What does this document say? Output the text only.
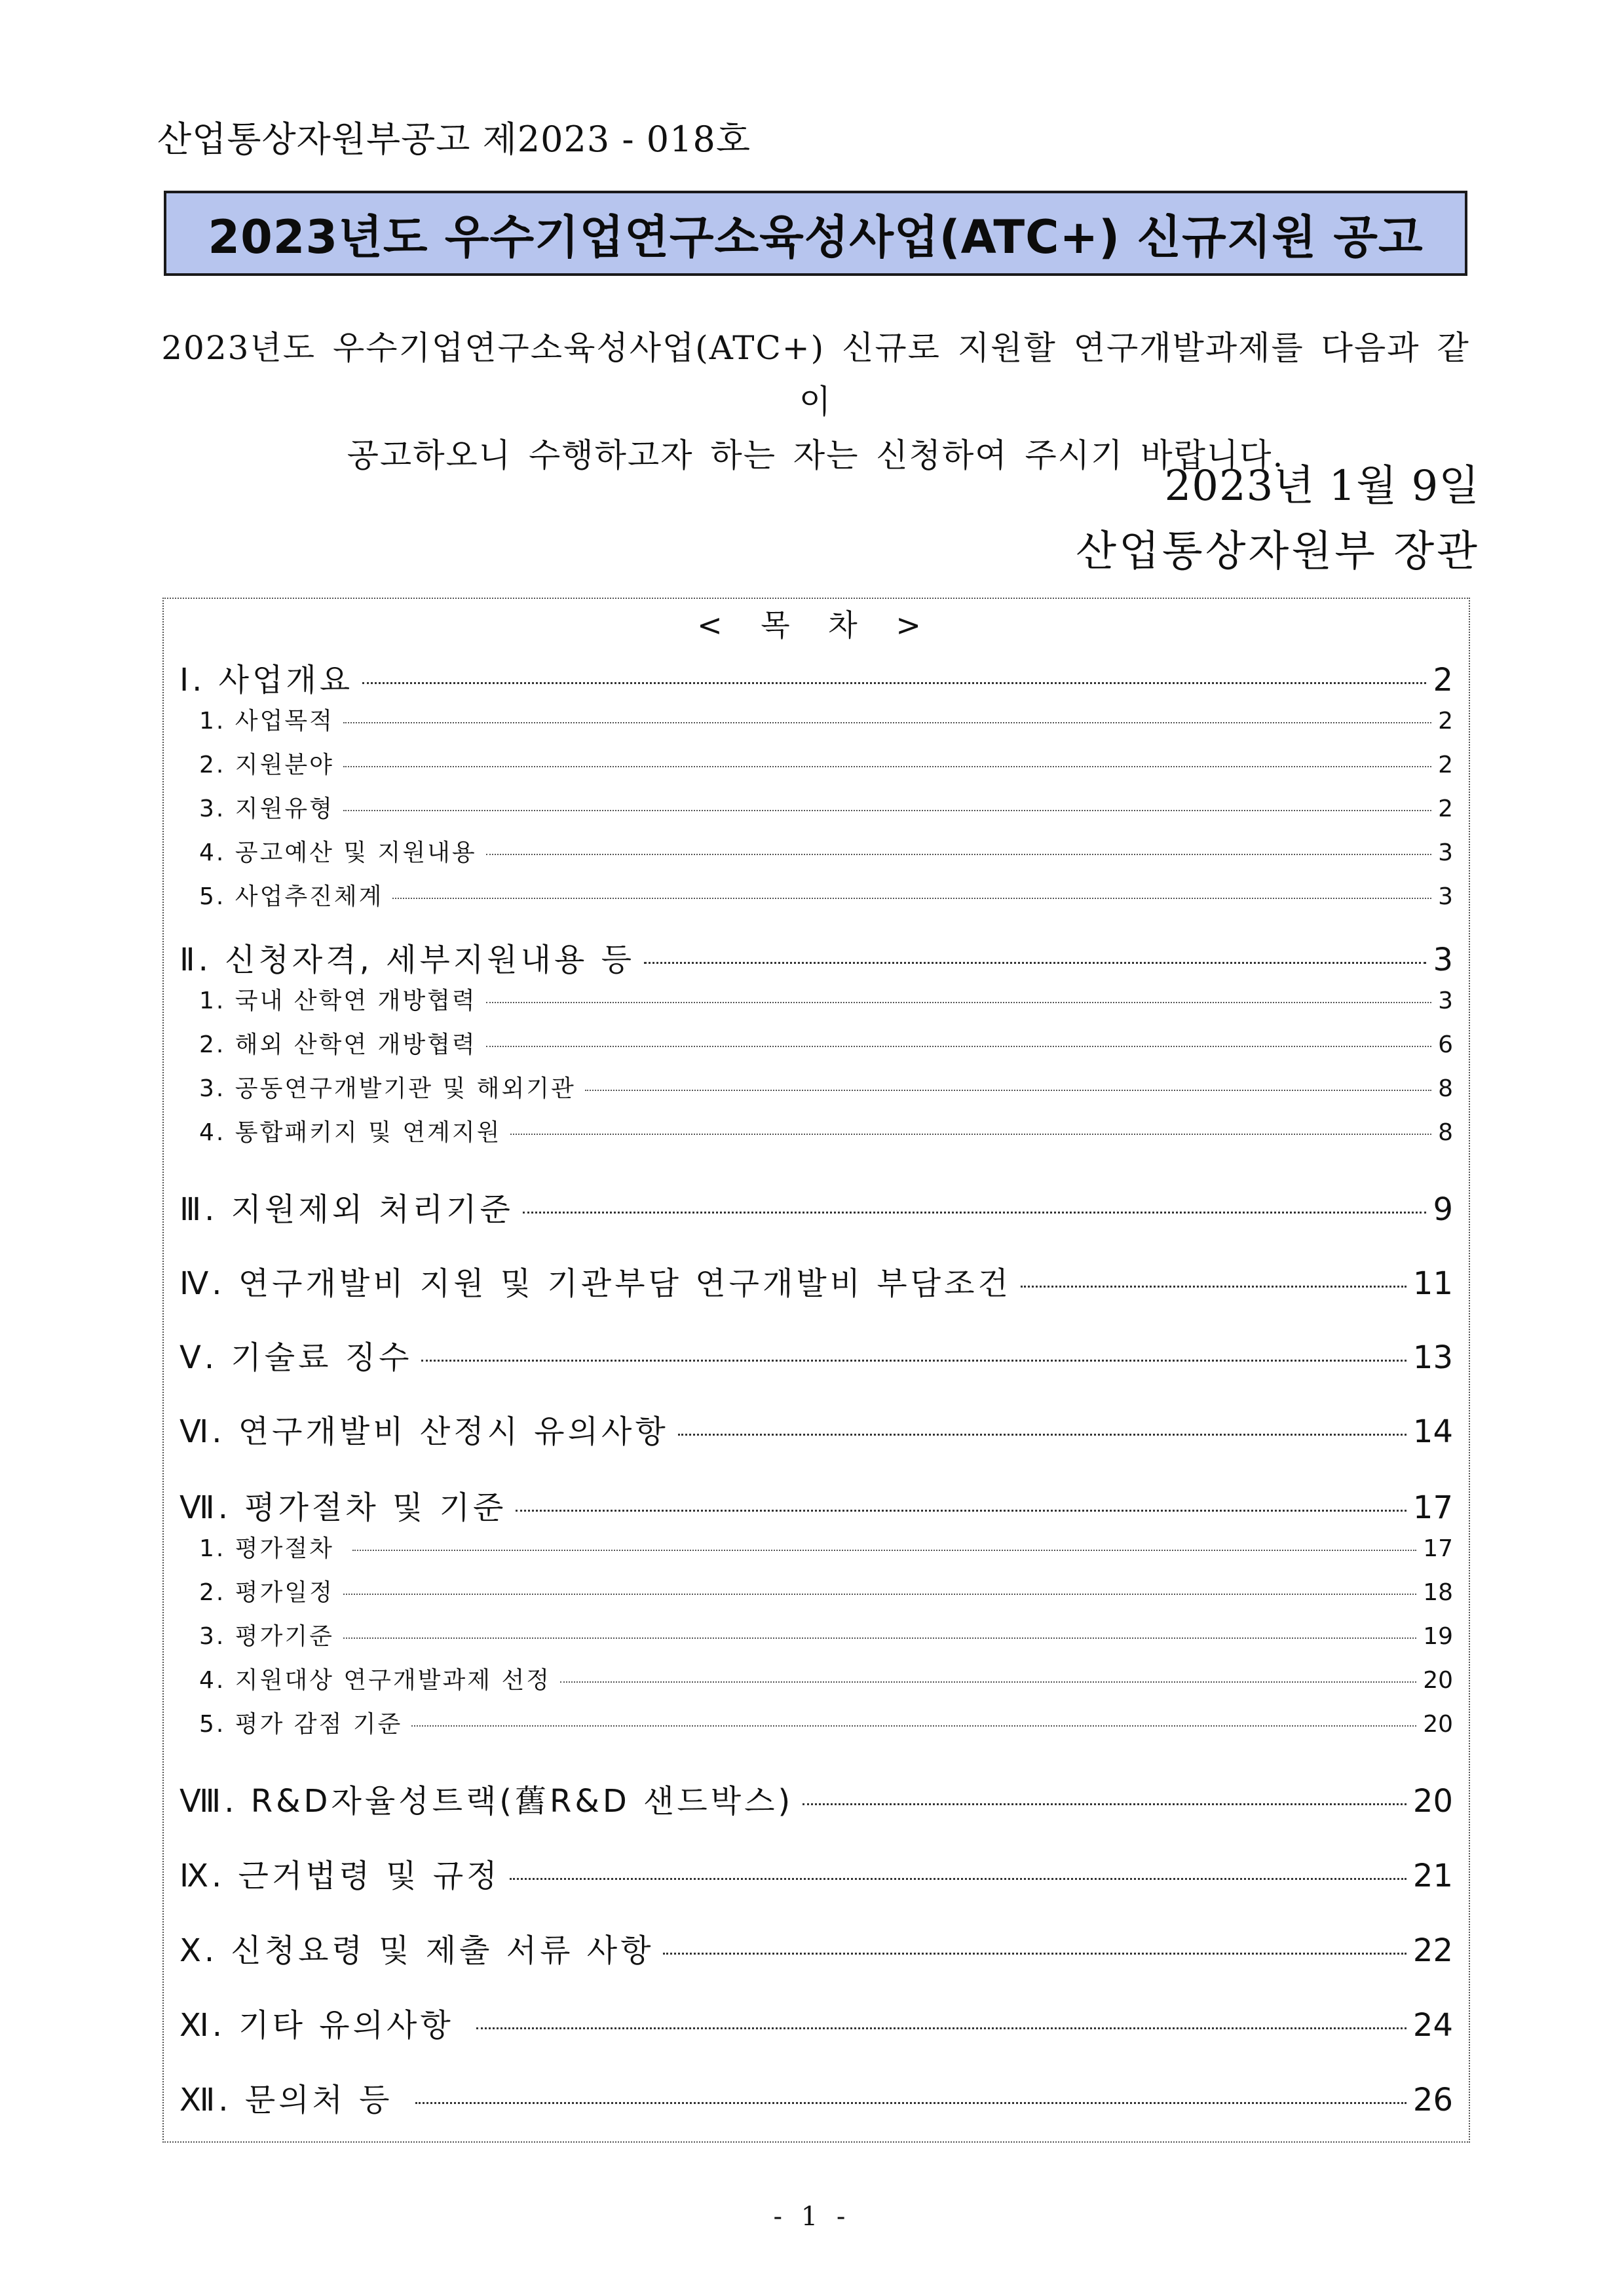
산업통상자원부공고 제2023 - 018호
2023년도 우수기업연구소육성사업(ATC+) 신규지원 공고
2023년도 우수기업연구소육성사업(ATC+) 신규로 지원할 연구개발과제를 다음과 같이
공고하오니 수행하고자 하는 자는 신청하여 주시기 바랍니다.
2023년 1월 9일
산업통상자원부 장관
< 목 차 >
Ⅰ. 사업개요	2
1. 사업목적	2
2. 지원분야	2
3. 지원유형	2
4. 공고예산 및 지원내용	3
5. 사업추진체계	3
Ⅱ. 신청자격, 세부지원내용 등	3
1. 국내 산학연 개방협력	3
2. 해외 산학연 개방협력	6
3. 공동연구개발기관 및 해외기관	8
4. 통합패키지 및 연계지원	8
Ⅲ. 지원제외 처리기준	9
Ⅳ. 연구개발비 지원 및 기관부담 연구개발비 부담조건	11
Ⅴ. 기술료 징수	13
Ⅵ. 연구개발비 산정시 유의사항	14
Ⅶ. 평가절차 및 기준	17
1. 평가절차	17
2. 평가일정	18
3. 평가기준	19
4. 지원대상 연구개발과제 선정	20
5. 평가 감점 기준	20
Ⅷ. R&D자율성트랙(舊R&D 샌드박스)	20
Ⅸ. 근거법령 및 규정	21
Ⅹ. 신청요령 및 제출 서류 사항	22
Ⅺ. 기타 유의사항	24
Ⅻ. 문의처 등	26
- 1 -
